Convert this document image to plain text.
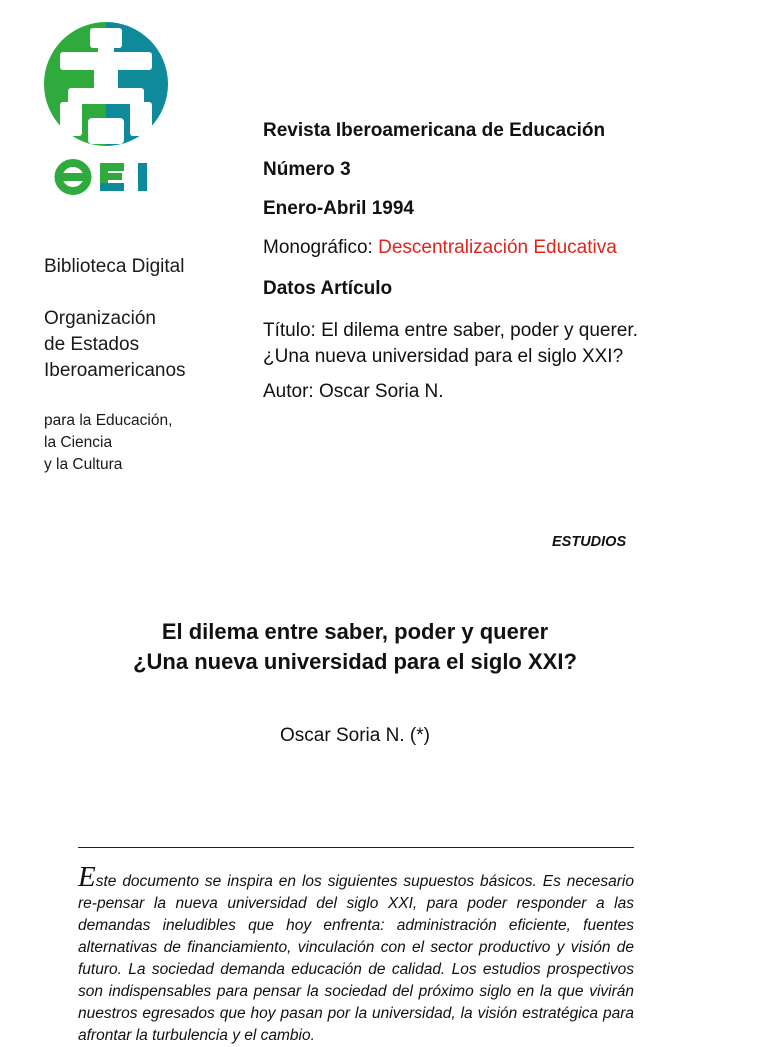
Biblioteca Digital
Organización
de Estados
Iberoamericanos
para la Educación,
la Ciencia
y la Cultura
Revista Iberoamericana de Educación
Número 3
Enero-Abril 1994
Monográfico: Descentralización Educativa
Datos Artículo
Título: El dilema entre saber, poder y querer.
¿Una nueva universidad para el siglo XXI?
Autor: Oscar Soria N.
ESTUDIOS
El dilema entre saber, poder y querer
¿Una nueva universidad para el siglo XXI?
Oscar Soria N. (*)
Este documento se inspira en los siguientes supuestos básicos. Es necesario re-pensar la nueva universidad del siglo XXI, para poder responder a las demandas ineludibles que hoy enfrenta: administración eficiente, fuentes alternativas de financiamiento, vinculación con el sector productivo y visión de futuro. La sociedad demanda educación de calidad. Los estudios prospectivos son indispensables para pensar la sociedad del próximo siglo en la que vivirán nuestros egresados que hoy pasan por la universidad, la visión estratégica para afrontar la turbulencia y el cambio.
